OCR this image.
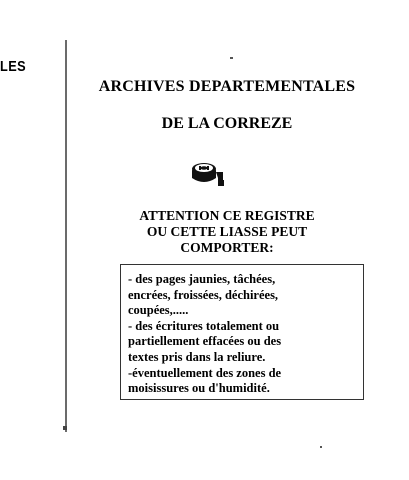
LES
ARCHIVES DEPARTEMENTALES
DE LA CORREZE
ATTENTION CE REGISTRE
OU CETTE LIASSE PEUT
COMPORTER:
- des pages jaunies, tâchées,
encrées, froissées, déchirées,
coupées,.....
- des écritures totalement ou
partiellement effacées ou des
textes pris dans la reliure.
-éventuellement des zones de
moisissures ou d'humidité.
